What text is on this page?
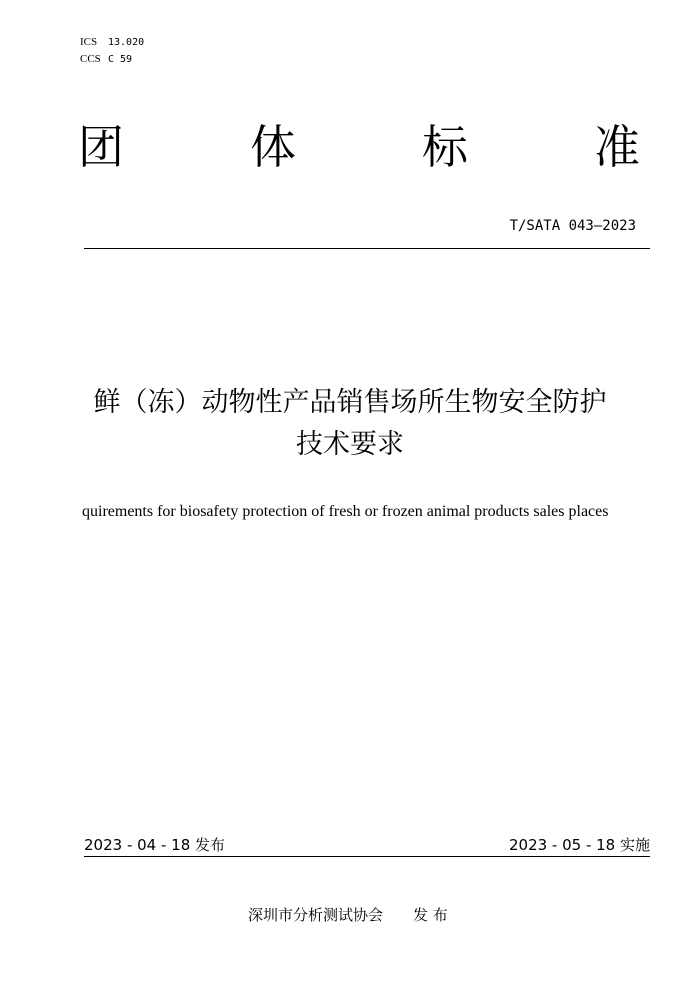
ICS 13.020
CCS C 59
团	体	标	准
T/SATA 043—2023
鲜（冻）动物性产品销售场所生物安全防护
技术要求
quirements for biosafety protection of fresh or frozen animal products sales places
2023 - 04 - 18 发布	2023 - 05 - 18 实施
深圳市分析测试协会 发 布
